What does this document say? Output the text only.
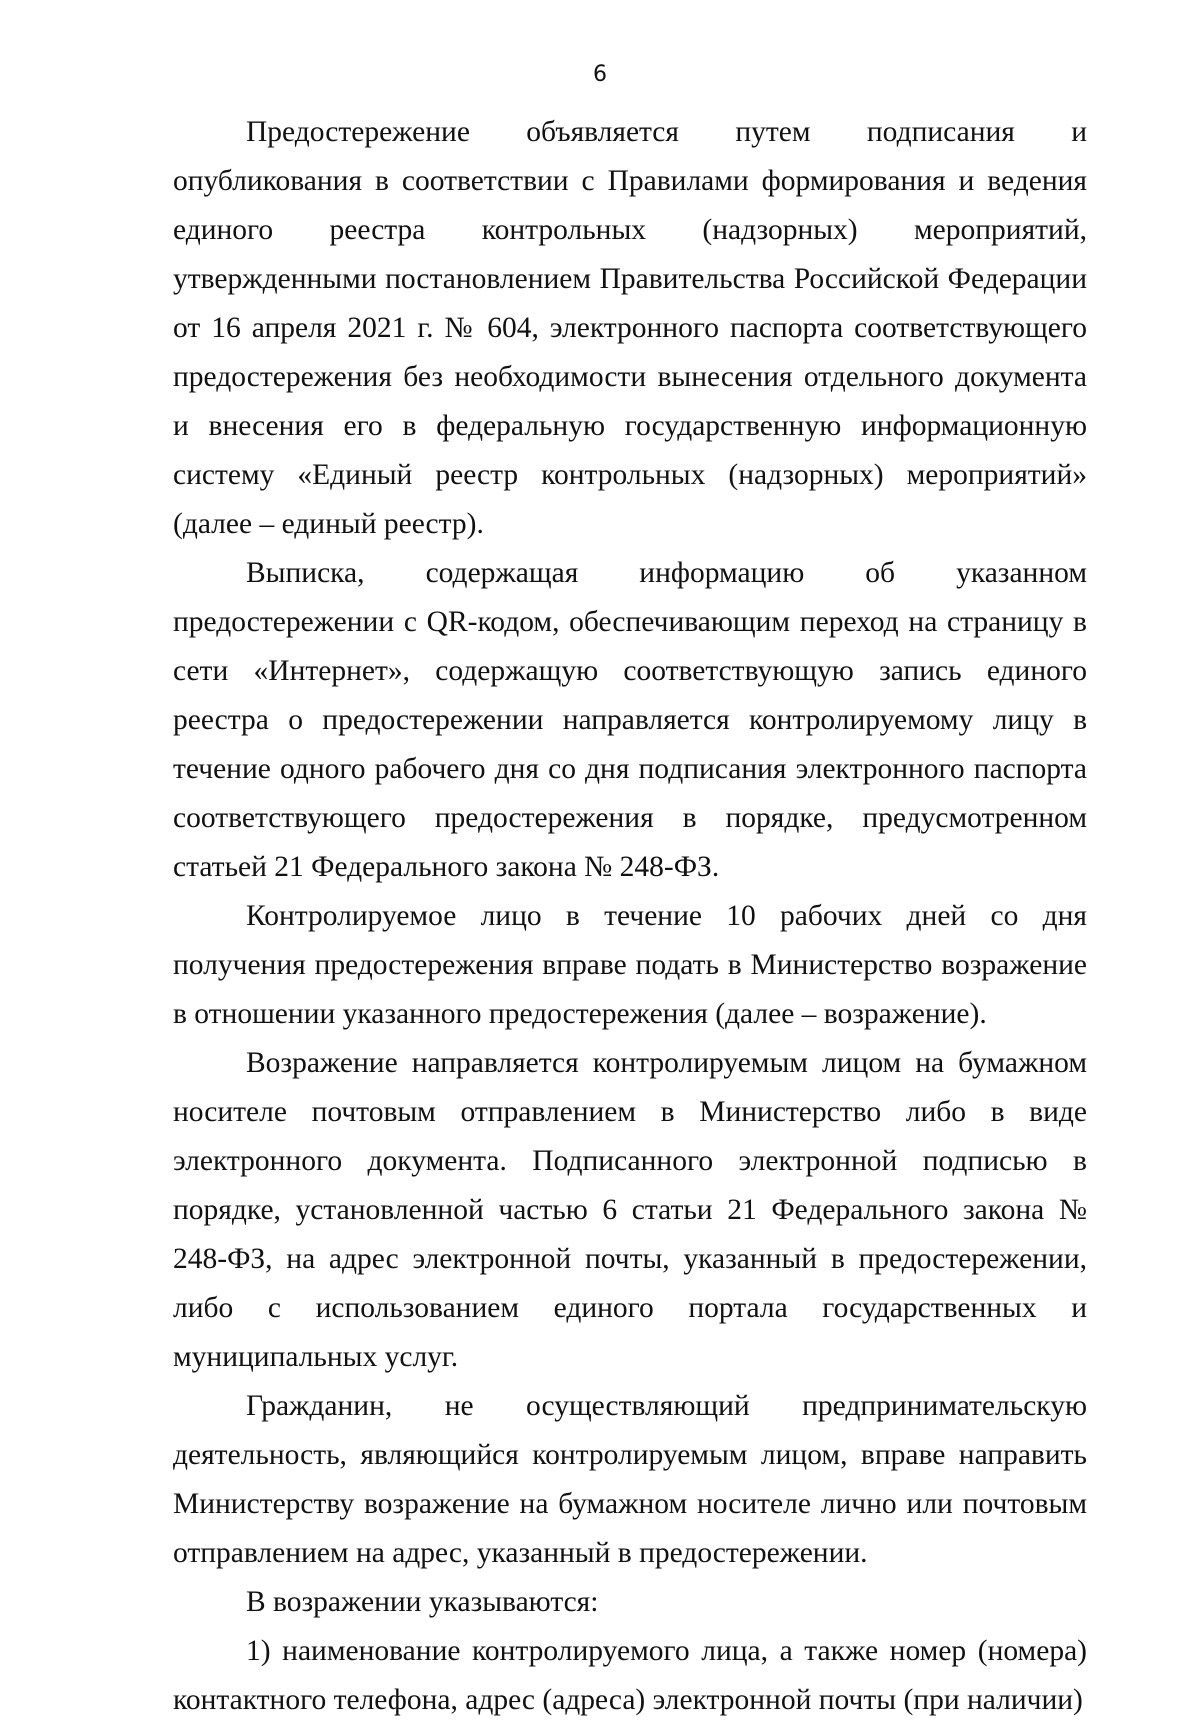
6

Предостережение объявляется путем подписания и опубликования в соответствии с Правилами формирования и ведения единого реестра контрольных (надзорных) мероприятий, утвержденными постановлением Правительства Российской Федерации от 16 апреля 2021 г. № 604, электронного паспорта соответствующего предостережения без необходимости вынесения отдельного документа и внесения его в федеральную государственную информационную систему «Единый реестр контрольных (надзорных) мероприятий» (далее – единый реестр).

Выписка, содержащая информацию об указанном предостережении с QR-кодом, обеспечивающим переход на страницу в сети «Интернет», содержащую соответствующую запись единого реестра о предостережении направляется контролируемому лицу в течение одного рабочего дня со дня подписания электронного паспорта соответствующего предостережения в порядке, предусмотренном статьей 21 Федерального закона № 248-ФЗ.

Контролируемое лицо в течение 10 рабочих дней со дня получения предостережения вправе подать в Министерство возражение в отношении указанного предостережения (далее – возражение).

Возражение направляется контролируемым лицом на бумажном носителе почтовым отправлением в Министерство либо в виде электронного документа. Подписанного электронной подписью в порядке, установленной частью 6 статьи 21 Федерального закона № 248-ФЗ, на адрес электронной почты, указанный в предостережении, либо с использованием единого портала государственных и муниципальных услуг.

Гражданин, не осуществляющий предпринимательскую деятельность, являющийся контролируемым лицом, вправе направить Министерству возражение на бумажном носителе лично или почтовым отправлением на адрес, указанный в предостережении.

В возражении указываются:

1) наименование контролируемого лица, а также номер (номера) контактного телефона, адрес (адреса) электронной почты (при наличии)
